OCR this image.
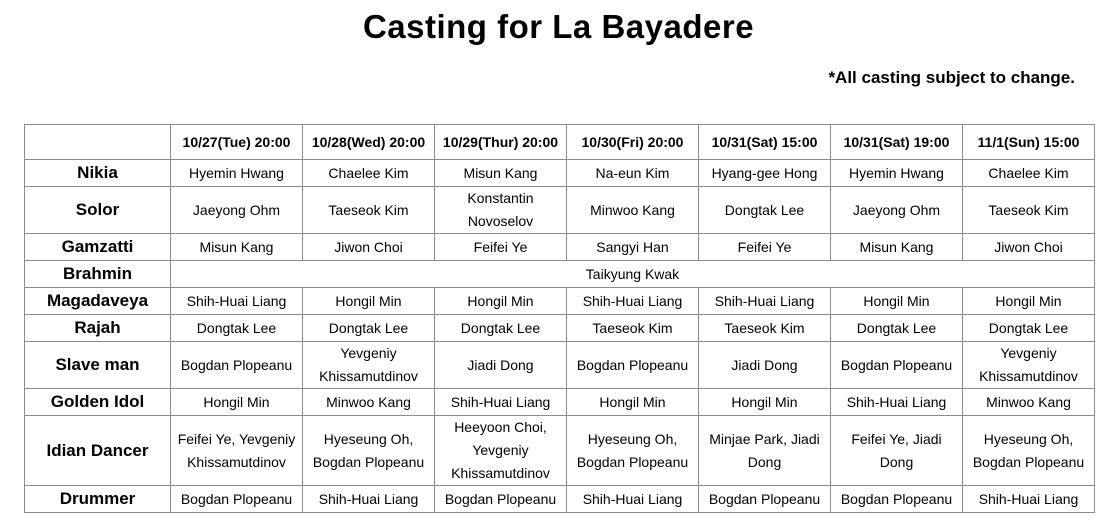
Casting for La Bayadere
*All casting subject to change.
	10/27(Tue) 20:00	10/28(Wed) 20:00	10/29(Thur) 20:00	10/30(Fri) 20:00	10/31(Sat) 15:00	10/31(Sat) 19:00	11/1(Sun) 15:00
Nikia	Hyemin Hwang	Chaelee Kim	Misun Kang	Na-eun Kim	Hyang-gee Hong	Hyemin Hwang	Chaelee Kim
Solor	Jaeyong Ohm	Taeseok Kim	Konstantin Novoselov	Minwoo Kang	Dongtak Lee	Jaeyong Ohm	Taeseok Kim
Gamzatti	Misun Kang	Jiwon Choi	Feifei Ye	Sangyi Han	Feifei Ye	Misun Kang	Jiwon Choi
Brahmin	Taikyung Kwak						
Magadaveya	Shih-Huai Liang	Hongil Min	Hongil Min	Shih-Huai Liang	Shih-Huai Liang	Hongil Min	Hongil Min
Rajah	Dongtak Lee	Dongtak Lee	Dongtak Lee	Taeseok Kim	Taeseok Kim	Dongtak Lee	Dongtak Lee
Slave man	Bogdan Plopeanu	Yevgeniy Khissamutdinov	Jiadi Dong	Bogdan Plopeanu	Jiadi Dong	Bogdan Plopeanu	Yevgeniy Khissamutdinov
Golden Idol	Hongil Min	Minwoo Kang	Shih-Huai Liang	Hongil Min	Hongil Min	Shih-Huai Liang	Minwoo Kang
Idian Dancer	Feifei Ye, Yevgeniy Khissamutdinov	Hyeseung Oh, Bogdan Plopeanu	Heeyoon Choi, Yevgeniy Khissamutdinov	Hyeseung Oh, Bogdan Plopeanu	Minjae Park, Jiadi Dong	Feifei Ye, Jiadi Dong	Hyeseung Oh, Bogdan Plopeanu
Drummer	Bogdan Plopeanu	Shih-Huai Liang	Bogdan Plopeanu	Shih-Huai Liang	Bogdan Plopeanu	Bogdan Plopeanu	Shih-Huai Liang
